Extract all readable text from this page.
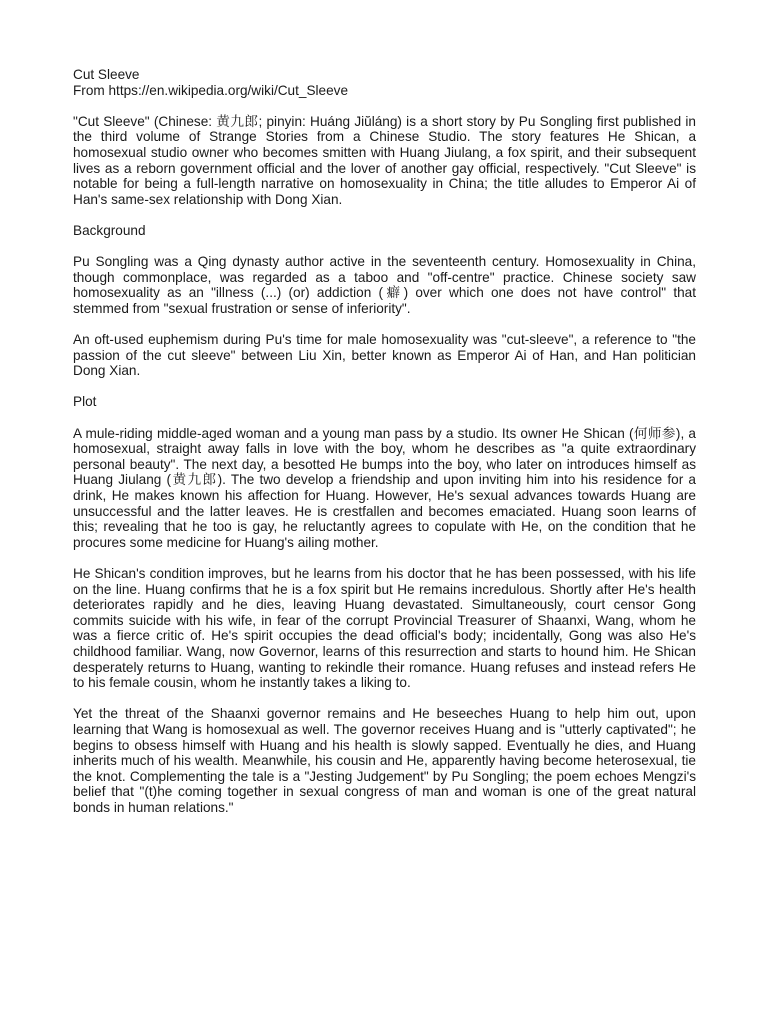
Cut Sleeve
From https://en.wikipedia.org/wiki/Cut_Sleeve

"Cut Sleeve" (Chinese: 黄九郎; pinyin: Huáng Jiŭláng) is a short story by Pu Songling first published in the third volume of Strange Stories from a Chinese Studio. The story features He Shican, a homosexual studio owner who becomes smitten with Huang Jiulang, a fox spirit, and their subsequent lives as a reborn government official and the lover of another gay official, respectively. "Cut Sleeve" is notable for being a full-length narrative on homosexuality in China; the title alludes to Emperor Ai of Han's same-sex relationship with Dong Xian.

Background

Pu Songling was a Qing dynasty author active in the seventeenth century. Homosexuality in China, though commonplace, was regarded as a taboo and "off-centre" practice. Chinese society saw homosexuality as an "illness (...) (or) addiction (癖) over which one does not have control" that stemmed from "sexual frustration or sense of inferiority".

An oft-used euphemism during Pu's time for male homosexuality was "cut-sleeve", a reference to "the passion of the cut sleeve" between Liu Xin, better known as Emperor Ai of Han, and Han politician Dong Xian.

Plot

A mule-riding middle-aged woman and a young man pass by a studio. Its owner He Shican (何师参), a homosexual, straight away falls in love with the boy, whom he describes as "a quite extraordinary personal beauty". The next day, a besotted He bumps into the boy, who later on introduces himself as Huang Jiulang (黄九郎). The two develop a friendship and upon inviting him into his residence for a drink, He makes known his affection for Huang. However, He's sexual advances towards Huang are unsuccessful and the latter leaves. He is crestfallen and becomes emaciated. Huang soon learns of this; revealing that he too is gay, he reluctantly agrees to copulate with He, on the condition that he procures some medicine for Huang's ailing mother.

He Shican's condition improves, but he learns from his doctor that he has been possessed, with his life on the line. Huang confirms that he is a fox spirit but He remains incredulous. Shortly after He's health deteriorates rapidly and he dies, leaving Huang devastated. Simultaneously, court censor Gong commits suicide with his wife, in fear of the corrupt Provincial Treasurer of Shaanxi, Wang, whom he was a fierce critic of. He's spirit occupies the dead official's body; incidentally, Gong was also He's childhood familiar. Wang, now Governor, learns of this resurrection and starts to hound him. He Shican desperately returns to Huang, wanting to rekindle their romance. Huang refuses and instead refers He to his female cousin, whom he instantly takes a liking to.

Yet the threat of the Shaanxi governor remains and He beseeches Huang to help him out, upon learning that Wang is homosexual as well. The governor receives Huang and is "utterly captivated"; he begins to obsess himself with Huang and his health is slowly sapped. Eventually he dies, and Huang inherits much of his wealth. Meanwhile, his cousin and He, apparently having become heterosexual, tie the knot. Complementing the tale is a "Jesting Judgement" by Pu Songling; the poem echoes Mengzi's belief that "(t)he coming together in sexual congress of man and woman is one of the great natural bonds in human relations."
